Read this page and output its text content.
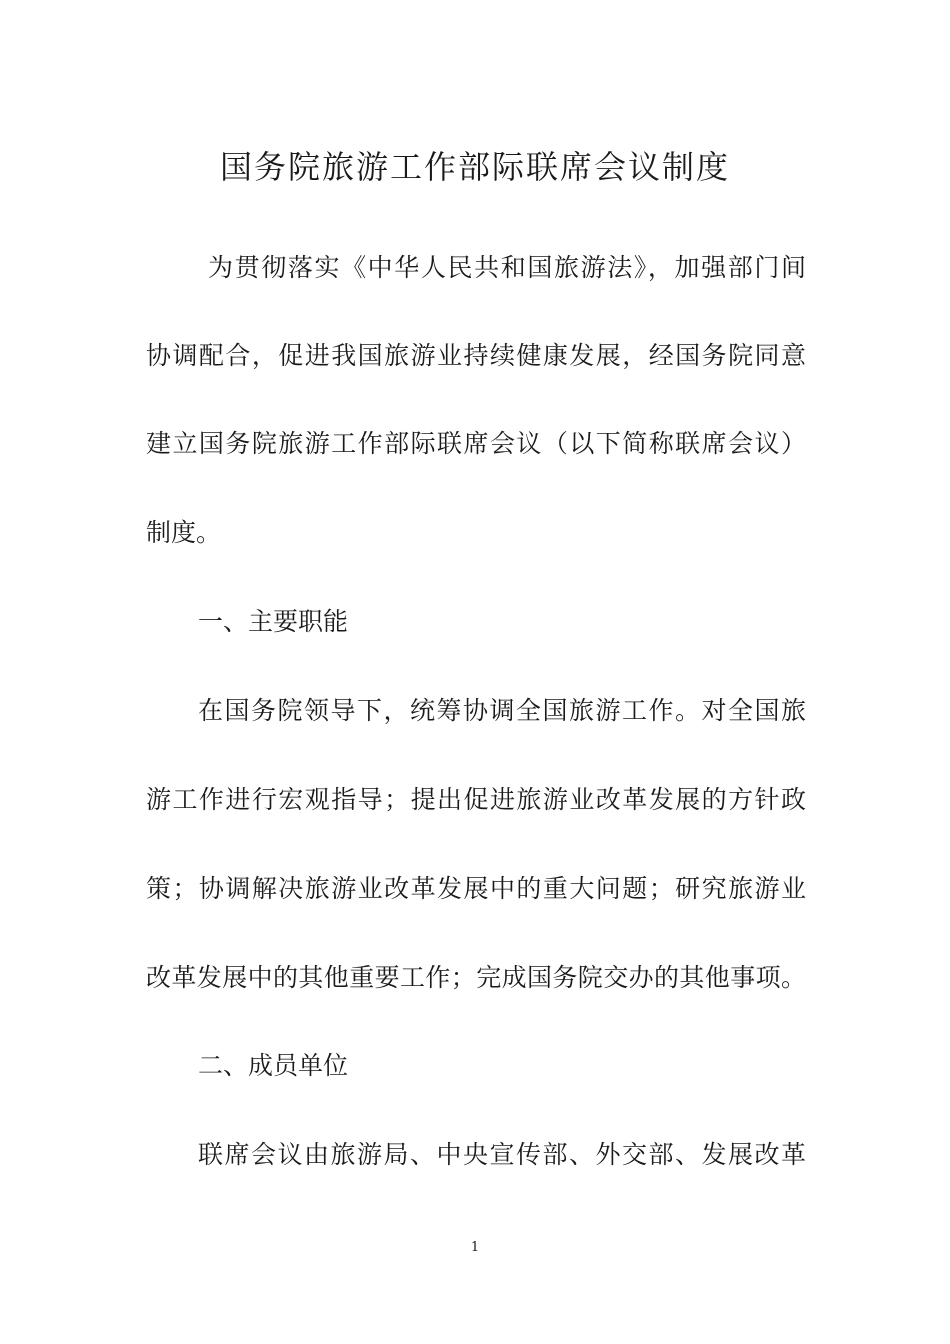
国务院旅游工作部际联席会议制度
为贯彻落实《中华人民共和国旅游法》，加强部门间
协调配合，促进我国旅游业持续健康发展，经国务院同意
建立国务院旅游工作部际联席会议（以下简称联席会议）
制度。
一、主要职能
在国务院领导下，统筹协调全国旅游工作。对全国旅
游工作进行宏观指导；提出促进旅游业改革发展的方针政
策；协调解决旅游业改革发展中的重大问题；研究旅游业
改革发展中的其他重要工作；完成国务院交办的其他事项。
二、成员单位
联席会议由旅游局、中央宣传部、外交部、发展改革
1
